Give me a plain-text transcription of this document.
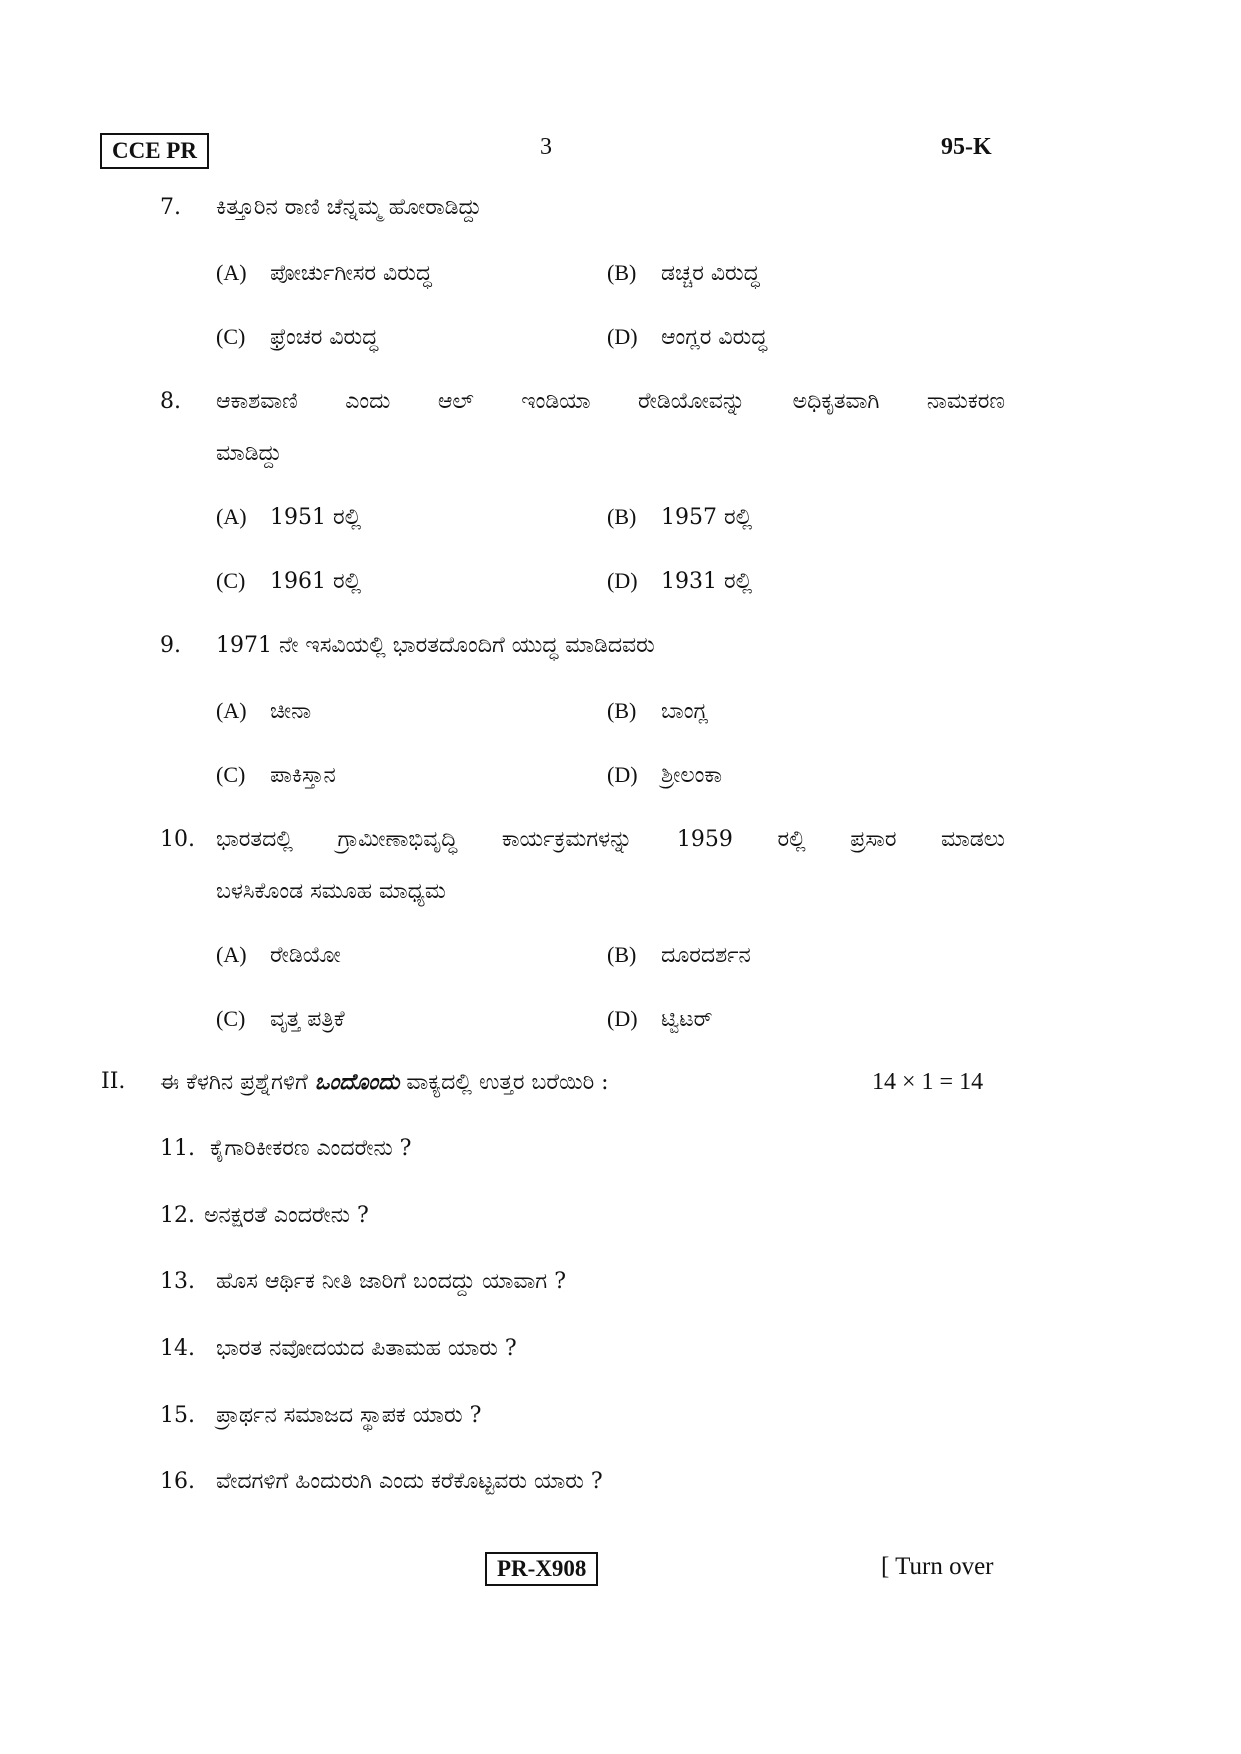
CCE PR	3	95-K
7. ಕಿತ್ತೂರಿನ ರಾಣಿ ಚೆನ್ನಮ್ಮ ಹೋರಾಡಿದ್ದು
(A) ಪೋರ್ಚುಗೀಸರ ವಿರುದ್ಧ	(B) ಡಚ್ಚರ ವಿರುದ್ಧ
(C) ಫ್ರೆಂಚರ ವಿರುದ್ಧ	(D) ಆಂಗ್ಲರ ವಿರುದ್ಧ
8. ಆಕಾಶವಾಣಿ ಎಂದು ಆಲ್ ಇಂಡಿಯಾ ರೇಡಿಯೋವನ್ನು ಅಧಿಕೃತವಾಗಿ ನಾಮಕರಣ
ಮಾಡಿದ್ದು
(A) 1951 ರಲ್ಲಿ	(B) 1957 ರಲ್ಲಿ
(C) 1961 ರಲ್ಲಿ	(D) 1931 ರಲ್ಲಿ
9. 1971 ನೇ ಇಸವಿಯಲ್ಲಿ ಭಾರತದೊಂದಿಗೆ ಯುದ್ಧ ಮಾಡಿದವರು
(A) ಚೀನಾ	(B) ಬಾಂಗ್ಲ
(C) ಪಾಕಿಸ್ತಾನ	(D) ಶ್ರೀಲಂಕಾ
10. ಭಾರತದಲ್ಲಿ ಗ್ರಾಮೀಣಾಭಿವೃದ್ಧಿ ಕಾರ್ಯಕ್ರಮಗಳನ್ನು 1959 ರಲ್ಲಿ ಪ್ರಸಾರ ಮಾಡಲು
ಬಳಸಿಕೊಂಡ ಸಮೂಹ ಮಾಧ್ಯಮ
(A) ರೇಡಿಯೋ	(B) ದೂರದರ್ಶನ
(C) ವೃತ್ತ ಪತ್ರಿಕೆ	(D) ಟ್ವಿಟರ್
II. ಈ ಕೆಳಗಿನ ಪ್ರಶ್ನೆಗಳಿಗೆ ಒಂದೊಂದು ವಾಕ್ಯದಲ್ಲಿ ಉತ್ತರ ಬರೆಯಿರಿ :	14 × 1 = 14
11. ಕೈಗಾರಿಕೀಕರಣ ಎಂದರೇನು ?
12. ಅನಕ್ಷರತೆ ಎಂದರೇನು ?
13. ಹೊಸ ಆರ್ಥಿಕ ನೀತಿ ಜಾರಿಗೆ ಬಂದದ್ದು ಯಾವಾಗ ?
14. ಭಾರತ ನವೋದಯದ ಪಿತಾಮಹ ಯಾರು ?
15. ಪ್ರಾರ್ಥನ ಸಮಾಜದ ಸ್ಥಾಪಕ ಯಾರು ?
16. ವೇದಗಳಿಗೆ ಹಿಂದುರುಗಿ ಎಂದು ಕರೆಕೊಟ್ಟವರು ಯಾರು ?
PR-X908	[ Turn over
